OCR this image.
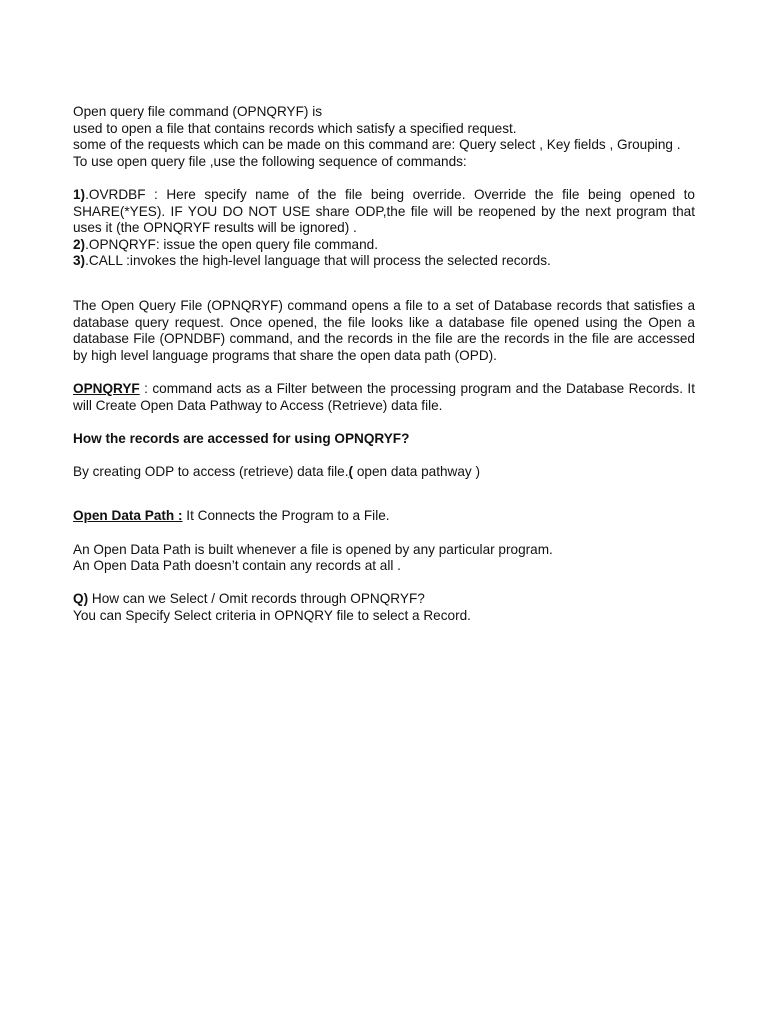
Open query file command (OPNQRYF) is

used to open a file that contains records which satisfy a specified request.

some of the requests which can be made on this command are: Query select , Key fields , Grouping .

To use open query file ,use the following sequence of commands:

1).OVRDBF : Here specify name of the file being override. Override the file being opened to SHARE(*YES). IF YOU DO NOT USE share ODP,the file will be reopened by the next program that uses it (the OPNQRYF results will be ignored) .

2).OPNQRYF: issue the open query file command.

3).CALL :invokes the high-level language that will process the selected records.

The Open Query File (OPNQRYF) command opens a file to a set of Database records that satisfies a database query request. Once opened, the file looks like a database file opened using the Open a database File (OPNDBF) command, and the records in the file are the records in the file are accessed by high level language programs that share the open data path (OPD).

OPNQRYF : command acts as a Filter between the processing program and the Database Records. It will Create Open Data Pathway to Access (Retrieve) data file.

How the records are accessed for using OPNQRYF?

By creating ODP to access (retrieve) data file.( open data pathway )

Open Data Path : It Connects the Program to a File.

An Open Data Path is built whenever a file is opened by any particular program.

An Open Data Path doesn’t contain any records at all .

Q) How can we Select / Omit records through OPNQRYF?

You can Specify Select criteria in OPNQRY file to select a Record.
